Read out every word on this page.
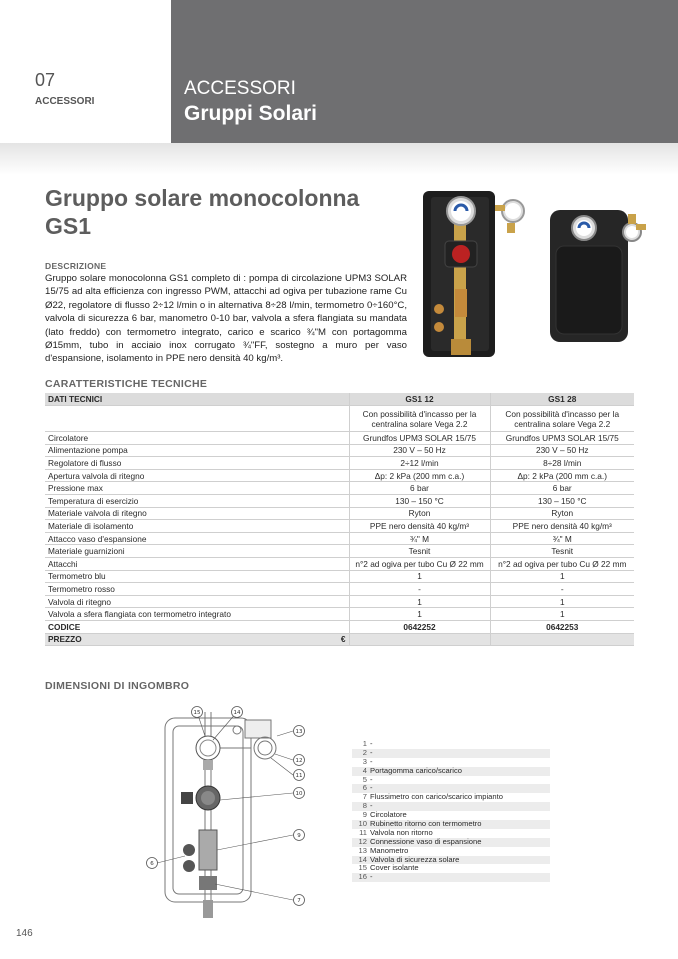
07
ACCESSORI
ACCESSORI
Gruppi Solari
Gruppo solare monocolonna
GS1
DESCRIZIONE
Gruppo solare monocolonna GS1 completo di : pompa di circolazione UPM3 SOLAR 15/75 ad alta efficienza con ingresso PWM, attacchi ad ogiva per tubazione rame Cu Ø22, regolatore di flusso 2÷12 l/min o in alternativa 8÷28 l/min, termometro 0÷160°C, valvola di sicurezza 6 bar, manometro 0-10 bar, valvola a sfera flangiata su mandata (lato freddo) con termometro integrato, carico e scarico ¾"M con portagomma Ø15mm, tubo in acciaio inox corrugato ¾"FF, sostegno a muro per vaso d'espansione, isolamento in PPE nero densità 40 kg/m³.
CARATTERISTICHE TECNICHE
DATI TECNICI	GS1 12	GS1 28
	Con possibilità d'incasso per la centralina solare Vega 2.2	Con possibilità d'incasso per la centralina solare Vega 2.2
Circolatore	Grundfos UPM3 SOLAR 15/75	Grundfos UPM3 SOLAR 15/75
Alimentazione pompa	230 V – 50 Hz	230 V – 50 Hz
Regolatore di flusso	2÷12 l/min	8÷28 l/min
Apertura valvola di ritegno	Δp: 2 kPa (200 mm c.a.)	Δp: 2 kPa (200 mm c.a.)
Pressione max	6 bar	6 bar
Temperatura di esercizio	130 – 150 °C	130 – 150 °C
Materiale valvola di ritegno	Ryton	Ryton
Materiale di isolamento	PPE nero densità 40 kg/m³	PPE nero densità 40 kg/m³
Attacco vaso d'espansione	¾" M	¾" M
Materiale guarnizioni	Tesnit	Tesnit
Attacchi	n°2 ad ogiva per tubo Cu Ø 22 mm	n°2 ad ogiva per tubo Cu Ø 22 mm
Termometro blu	1	1
Termometro rosso	-	-
Valvola di ritegno	1	1
Valvola a sfera flangiata con termometro integrato	1	1
CODICE	0642252	0642253
PREZZO €		

DIMENSIONI DI INGOMBRO
15	14
13
12
11
10
9
6
7
1 -
2 -
3 -
4 Portagomma carico/scarico
5 -
6 -
7 Flussimetro con carico/scarico impianto
8 -
9 Circolatore
10 Rubinetto ritorno con termometro
11 Valvola non ritorno
12 Connessione vaso di espansione
13 Manometro
14 Valvola di sicurezza solare
15 Cover isolante
16 -
146
